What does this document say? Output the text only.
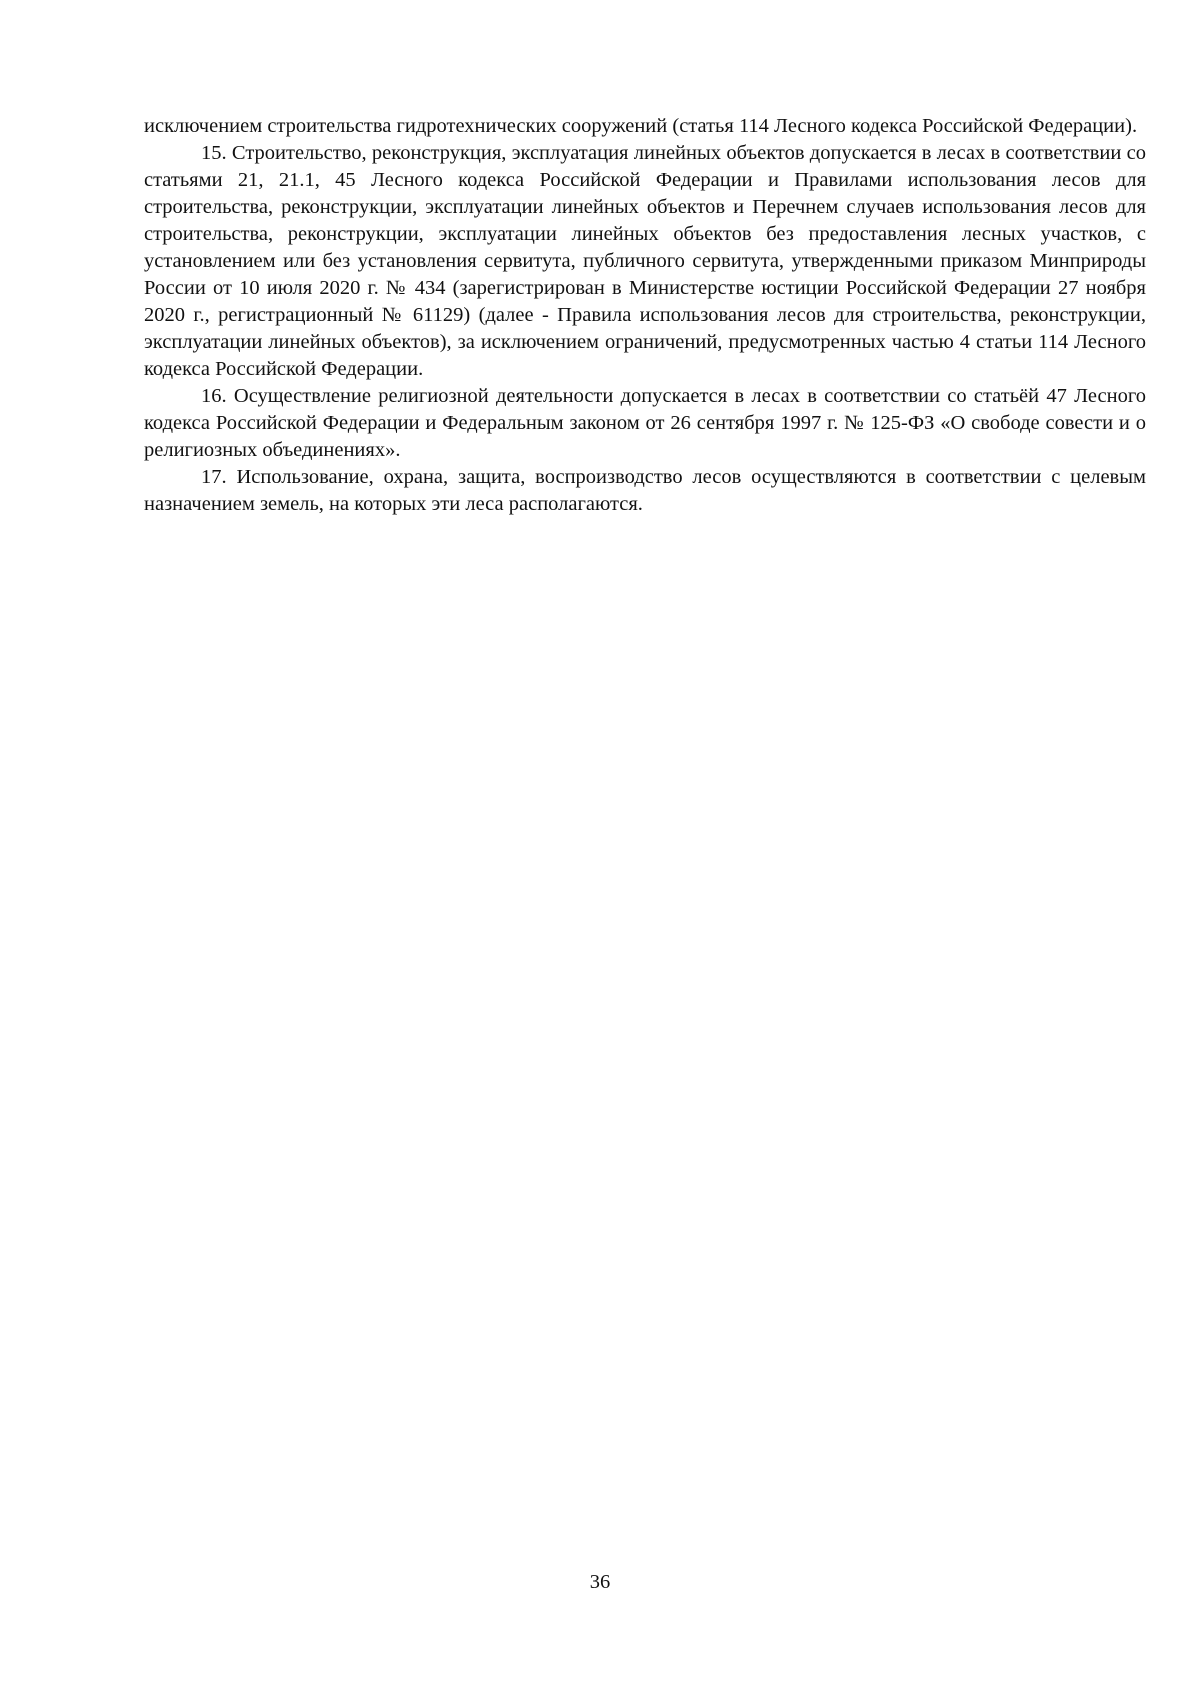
исключением строительства гидротехнических сооружений (статья 114 Лесного кодекса Российской Федерации).

15. Строительство, реконструкция, эксплуатация линейных объектов допускается в лесах в соответствии со статьями 21, 21.1, 45 Лесного кодекса Российской Федерации и Правилами использования лесов для строительства, реконструкции, эксплуатации линейных объектов и Перечнем случаев использования лесов для строительства, реконструкции, эксплуатации линейных объектов без предоставления лесных участков, с установлением или без установления сервитута, публичного сервитута, утвержденными приказом Минприроды России от 10 июля 2020 г. № 434 (зарегистрирован в Министерстве юстиции Российской Федерации 27 ноября 2020 г., регистрационный № 61129) (далее - Правила использования лесов для строительства, реконструкции, эксплуатации линейных объектов), за исключением ограничений, предусмотренных частью 4 статьи 114 Лесного кодекса Российской Федерации.

16. Осуществление религиозной деятельности допускается в лесах в соответствии со статьёй 47 Лесного кодекса Российской Федерации и Федеральным законом от 26 сентября 1997 г. № 125-ФЗ «О свободе совести и о религиозных объединениях».

17. Использование, охрана, защита, воспроизводство лесов осуществляются в соответствии с целевым назначением земель, на которых эти леса располагаются.

36
